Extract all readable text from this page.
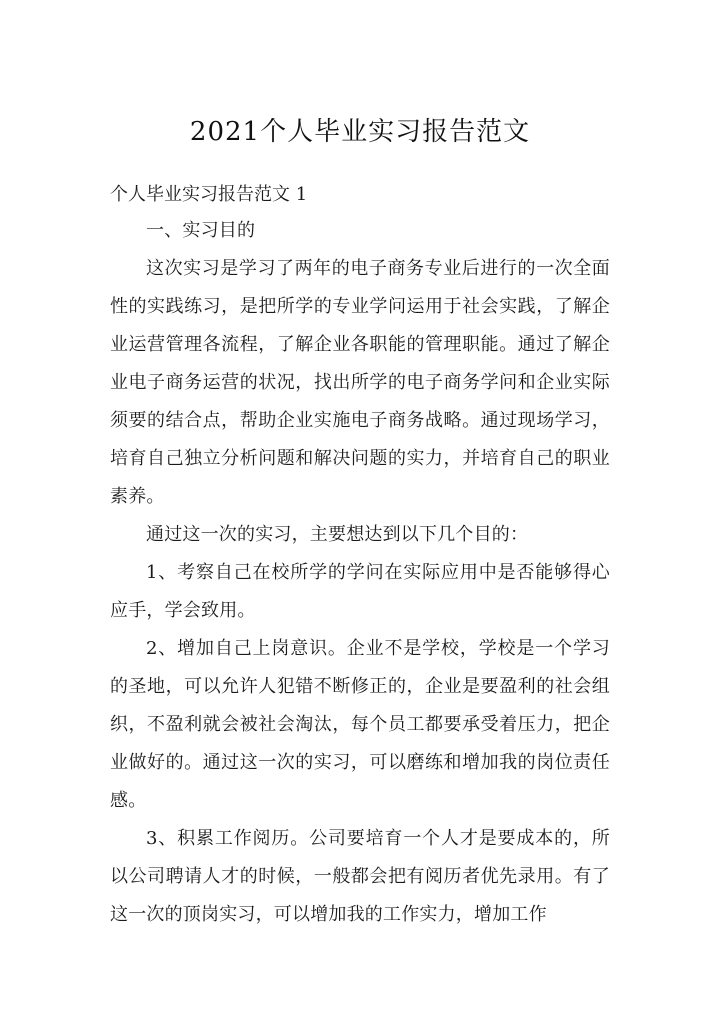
2021个人毕业实习报告范文
个人毕业实习报告范文 1

一、实习目的

这次实习是学习了两年的电子商务专业后进行的一次全面性的实践练习，是把所学的专业学问运用于社会实践，了解企业运营管理各流程，了解企业各职能的管理职能。通过了解企业电子商务运营的状况，找出所学的电子商务学问和企业实际须要的结合点，帮助企业实施电子商务战略。通过现场学习，培育自己独立分析问题和解决问题的实力，并培育自己的职业素养。

通过这一次的实习，主要想达到以下几个目的：

1、考察自己在校所学的学问在实际应用中是否能够得心应手，学会致用。

2、增加自己上岗意识。企业不是学校，学校是一个学习的圣地，可以允许人犯错不断修正的，企业是要盈利的社会组织，不盈利就会被社会淘汰，每个员工都要承受着压力，把企业做好的。通过这一次的实习，可以磨练和增加我的岗位责任感。

3、积累工作阅历。公司要培育一个人才是要成本的，所以公司聘请人才的时候，一般都会把有阅历者优先录用。有了这一次的顶岗实习，可以增加我的工作实力，增加工作
